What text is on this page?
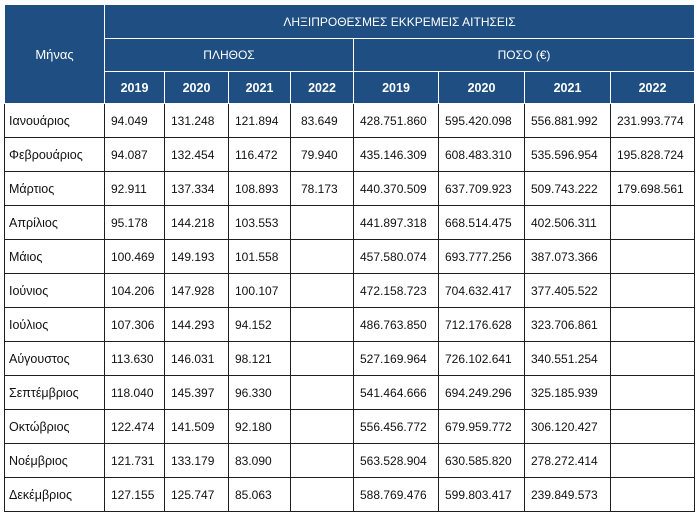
Μήνας	ΛΗΞΙΠΡΟΘΕΣΜΕΣ ΕΚΚΡΕΜΕΙΣ ΑΙΤΗΣΕΙΣ							
	ΠΛΗΘΟΣ				ΠΟΣΟ (€)			
	2019	2020	2021	2022	2019	2020	2021	2022
Ιανουάριος	94.049	131.248	121.894	83.649	428.751.860	595.420.098	556.881.992	231.993.774
Φεβρουάριος	94.087	132.454	116.472	79.940	435.146.309	608.483.310	535.596.954	195.828.724
Μάρτιος	92.911	137.334	108.893	78.173	440.370.509	637.709.923	509.743.222	179.698.561
Απρίλιος	95.178	144.218	103.553		441.897.318	668.514.475	402.506.311	
Μάιος	100.469	149.193	101.558		457.580.074	693.777.256	387.073.366	
Ιούνιος	104.206	147.928	100.107		472.158.723	704.632.417	377.405.522	
Ιούλιος	107.306	144.293	94.152		486.763.850	712.176.628	323.706.861	
Αύγουστος	113.630	146.031	98.121		527.169.964	726.102.641	340.551.254	
Σεπτέμβριος	118.040	145.397	96.330		541.464.666	694.249.296	325.185.939	
Οκτώβριος	122.474	141.509	92.180		556.456.772	679.959.772	306.120.427	
Νοέμβριος	121.731	133.179	83.090		563.528.904	630.585.820	278.272.414	
Δεκέμβριος	127.155	125.747	85.063		588.769.476	599.803.417	239.849.573	
